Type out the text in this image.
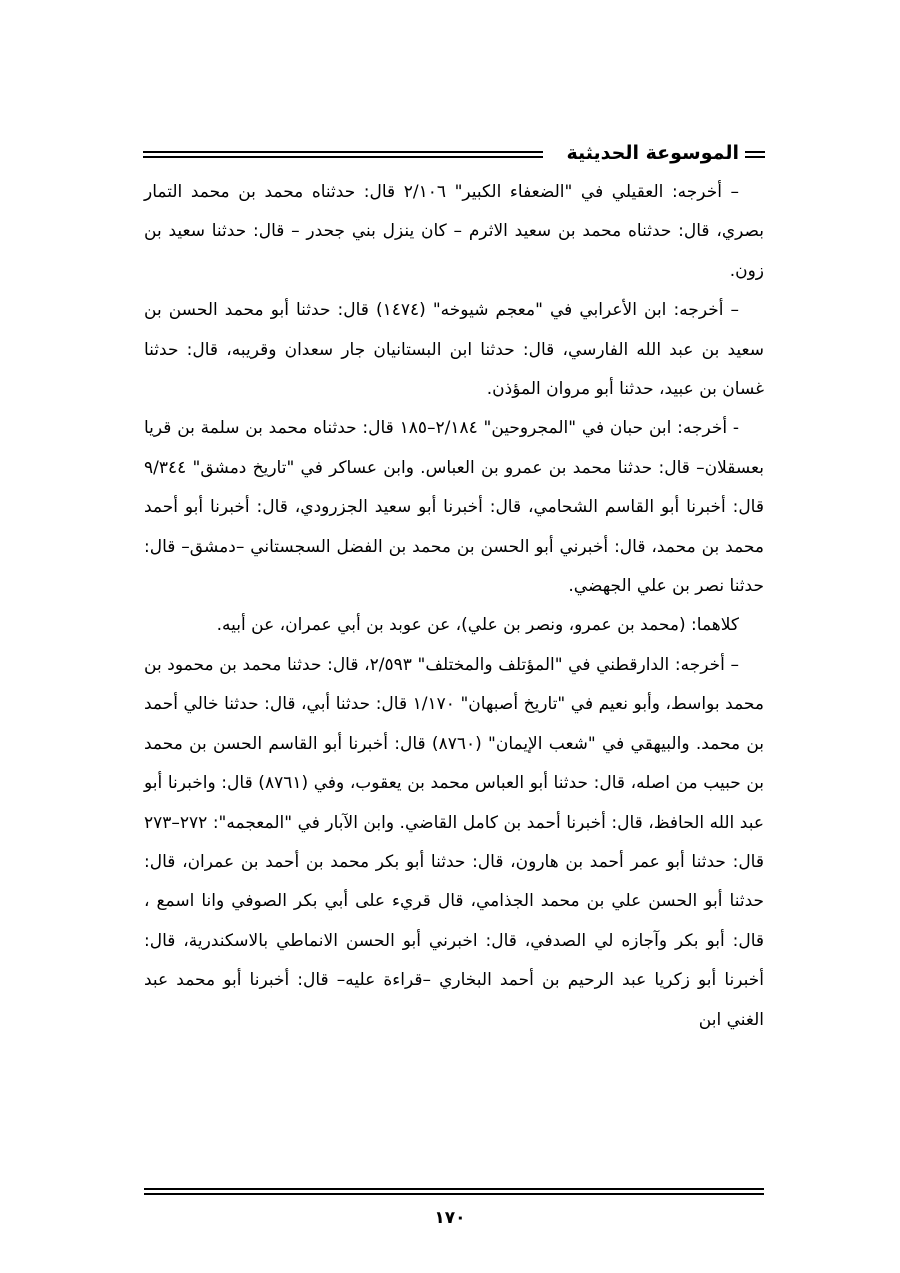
الموسوعة الحديثية

– أخرجه: العقيلي في "الضعفاء الكبير" ٢/١٠٦ قال: حدثناه محمد بن محمد التمار بصري، قال: حدثناه محمد بن سعيد الاثرم – كان ينزل بني جحدر – قال: حدثنا سعيد بن زون.

– أخرجه: ابن الأعرابي في "معجم شيوخه" (١٤٧٤) قال: حدثنا أبو محمد الحسن بن سعيد بن عبد الله الفارسي، قال: حدثنا ابن البستانيان جار سعدان وقريبه، قال: حدثنا غسان بن عبيد، حدثنا أبو مروان المؤذن.

- أخرجه: ابن حبان في "المجروحين" ٢/١٨٤–١٨٥ قال: حدثناه محمد بن سلمة بن قريا بعسقلان– قال: حدثنا محمد بن عمرو بن العباس. وابن عساكر في "تاريخ دمشق" ٩/٣٤٤ قال: أخبرنا أبو القاسم الشحامي، قال: أخبرنا أبو سعيد الجزرودي، قال: أخبرنا أبو أحمد محمد بن محمد، قال: أخبرني أبو الحسن بن محمد بن الفضل السجستاني –دمشق– قال: حدثنا نصر بن علي الجهضي.

كلاهما: (محمد بن عمرو، ونصر بن علي)، عن عوبد بن أبي عمران، عن أبيه.

– أخرجه: الدارقطني في "المؤتلف والمختلف" ٢/٥٩٣، قال: حدثنا محمد بن محمود بن محمد بواسط، وأبو نعيم في "تاريخ أصبهان" ١/١٧٠ قال: حدثنا أبي، قال: حدثنا خالي أحمد بن محمد. والبيهقي في "شعب الإيمان" (٨٧٦٠) قال: أخبرنا أبو القاسم الحسن بن محمد بن حبيب من اصله، قال: حدثنا أبو العباس محمد بن يعقوب، وفي (٨٧٦١) قال: واخبرنا أبو عبد الله الحافظ، قال: أخبرنا أحمد بن كامل القاضي. وابن الآبار في "المعجمه": ٢٧٢–٢٧٣ قال: حدثنا أبو عمر أحمد بن هارون، قال: حدثنا أبو بكر محمد بن أحمد بن عمران، قال: حدثنا أبو الحسن علي بن محمد الجذامي، قال قريء على أبي بكر الصوفي وانا اسمع ، قال: أبو بكر وآجازه لي الصدفي، قال: اخبرني أبو الحسن الانماطي بالاسكندرية، قال: أخبرنا أبو زكريا عبد الرحيم بن أحمد البخاري –قراءة عليه– قال: أخبرنا أبو محمد عبد الغني ابن

١٧٠
